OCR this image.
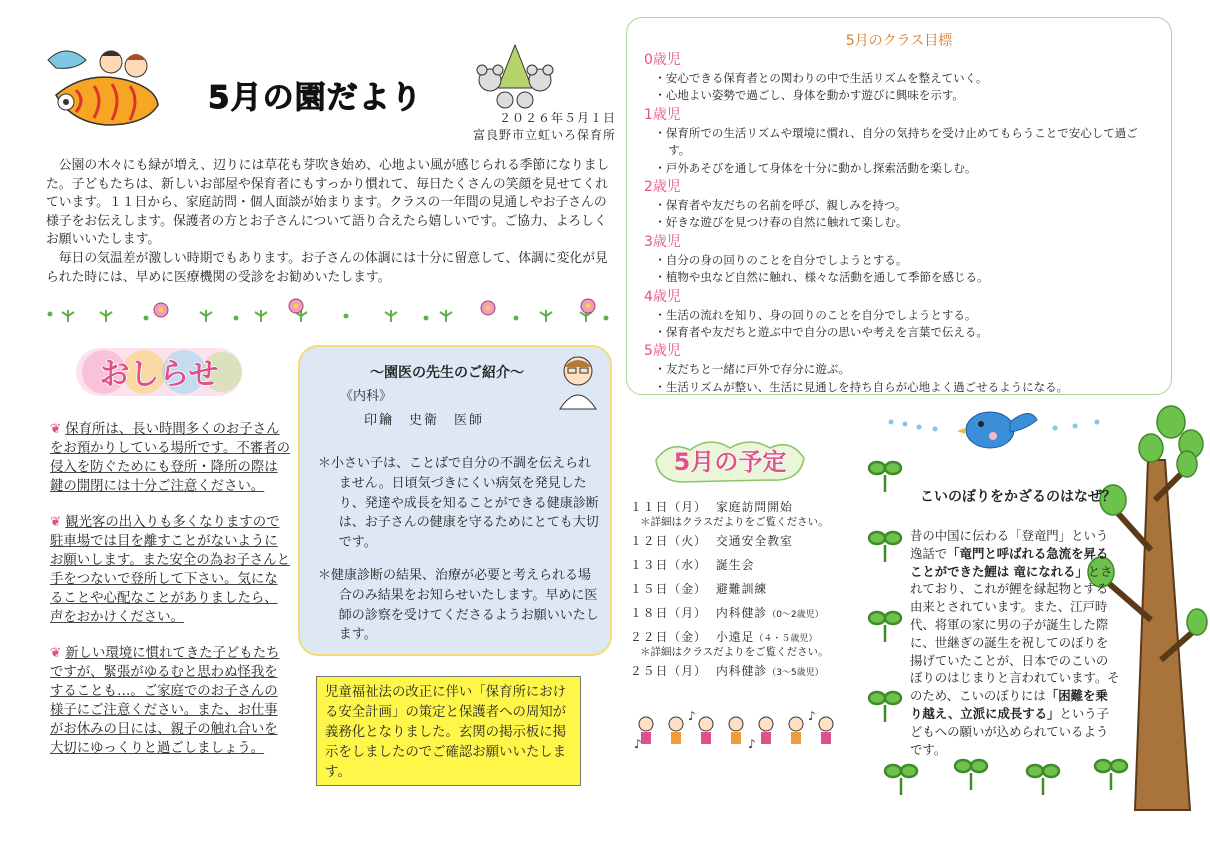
5月の園だより
２０２６年５月１日
富良野市立虹いろ保育所

公園の木々にも緑が増え、辺りには草花も芽吹き始め、心地よい風が感じられる季節になりました。子どもたちは、新しいお部屋や保育者にもすっかり慣れて、毎日たくさんの笑顔を見せてくれています。１１日から、家庭訪問・個人面談が始まります。クラスの一年間の見通しやお子さんの様子をお伝えします。保護者の方とお子さんについて語り合えたら嬉しいです。ご協力、よろしくお願いいたします。

毎日の気温差が激しい時期でもあります。お子さんの体調には十分に留意して、体調に変化が見られた時には、早めに医療機関の受診をお勧めいたします。

おしらせ
❦ 保育所は、長い時間多くのお子さんをお預かりしている場所です。不審者の侵入を防ぐためにも登所・降所の際は鍵の開閉には十分ご注意ください。
❦ 観光客の出入りも多くなりますので駐車場では目を離すことがないようにお願いします。また安全の為お子さんと手をつないで登所して下さい。気になることや心配なことがありましたら、声をおかけください。
❦ 新しい環境に慣れてきた子どもたちですが、緊張がゆるむと思わぬ怪我をすることも…。ご家庭でのお子さんの様子にご注意ください。また、お仕事がお休みの日には、親子の触れ合いを大切にゆっくりと過ごしましょう。
～園医の先生のご紹介～
《内科》
印鑰　史衛　医師
＊小さい子は、ことばで自分の不調を伝えられません。日頃気づきにくい病気を発見したり、発達や成長を知ることができる健康診断は、お子さんの健康を守るためにとても大切です。
＊健康診断の結果、治療が必要と考えられる場合のみ結果をお知らせいたします。早めに医師の診察を受けてくださるようお願いいたします。
児童福祉法の改正に伴い「保育所における安全計画」の策定と保護者への周知が義務化となりました。玄関の掲示板に掲示をしましたのでご確認お願いいたします。
5月のクラス目標
0歳児
・安心できる保育者との関わりの中で生活リズムを整えていく。
・心地よい姿勢で過ごし、身体を動かす遊びに興味を示す。
1歳児
・保育所での生活リズムや環境に慣れ、自分の気持ちを受け止めてもらうことで安心して過ごす。
・戸外あそびを通して身体を十分に動かし探索活動を楽しむ。
2歳児
・保育者や友だちの名前を呼び、親しみを持つ。
・好きな遊びを見つけ春の自然に触れて楽しむ。
3歳児
・自分の身の回りのことを自分でしようとする。
・植物や虫など自然に触れ、様々な活動を通して季節を感じる。
4歳児
・生活の流れを知り、身の回りのことを自分でしようとする。
・保育者や友だちと遊ぶ中で自分の思いや考えを言葉で伝える。
5歳児
・友だちと一緒に戸外で存分に遊ぶ。
・生活リズムが整い、生活に見通しを持ち自らが心地よく過ごせるようになる。
5月の予定
１１日（月） 家庭訪問開始
＊詳細はクラスだよりをご覧ください。
１２日（火） 交通安全教室
１３日（水） 誕生会
１５日（金） 避難訓練
１８日（月） 内科健診（0～2歳児）
２２日（金） 小遠足（４・５歳児）
＊詳細はクラスだよりをご覧ください。
２５日（月） 内科健診（3～5歳児）
♪
♪
♪
♪
こいのぼりをかざるのはなぜ？
昔の中国に伝わる「登竜門」という逸話で「竜門と呼ばれる急流を昇ることができた鯉は 竜になれる」とされており、これが鯉を縁起物とする由来とされています。また、江戸時代、将軍の家に男の子が誕生した際に、世継ぎの誕生を祝してのぼりを揚げていたことが、日本でのこいのぼりのはじまりと言われています。そのため、こいのぼりには「困難を乗り越え、立派に成長する」という子どもへの願いが込められているようです。
